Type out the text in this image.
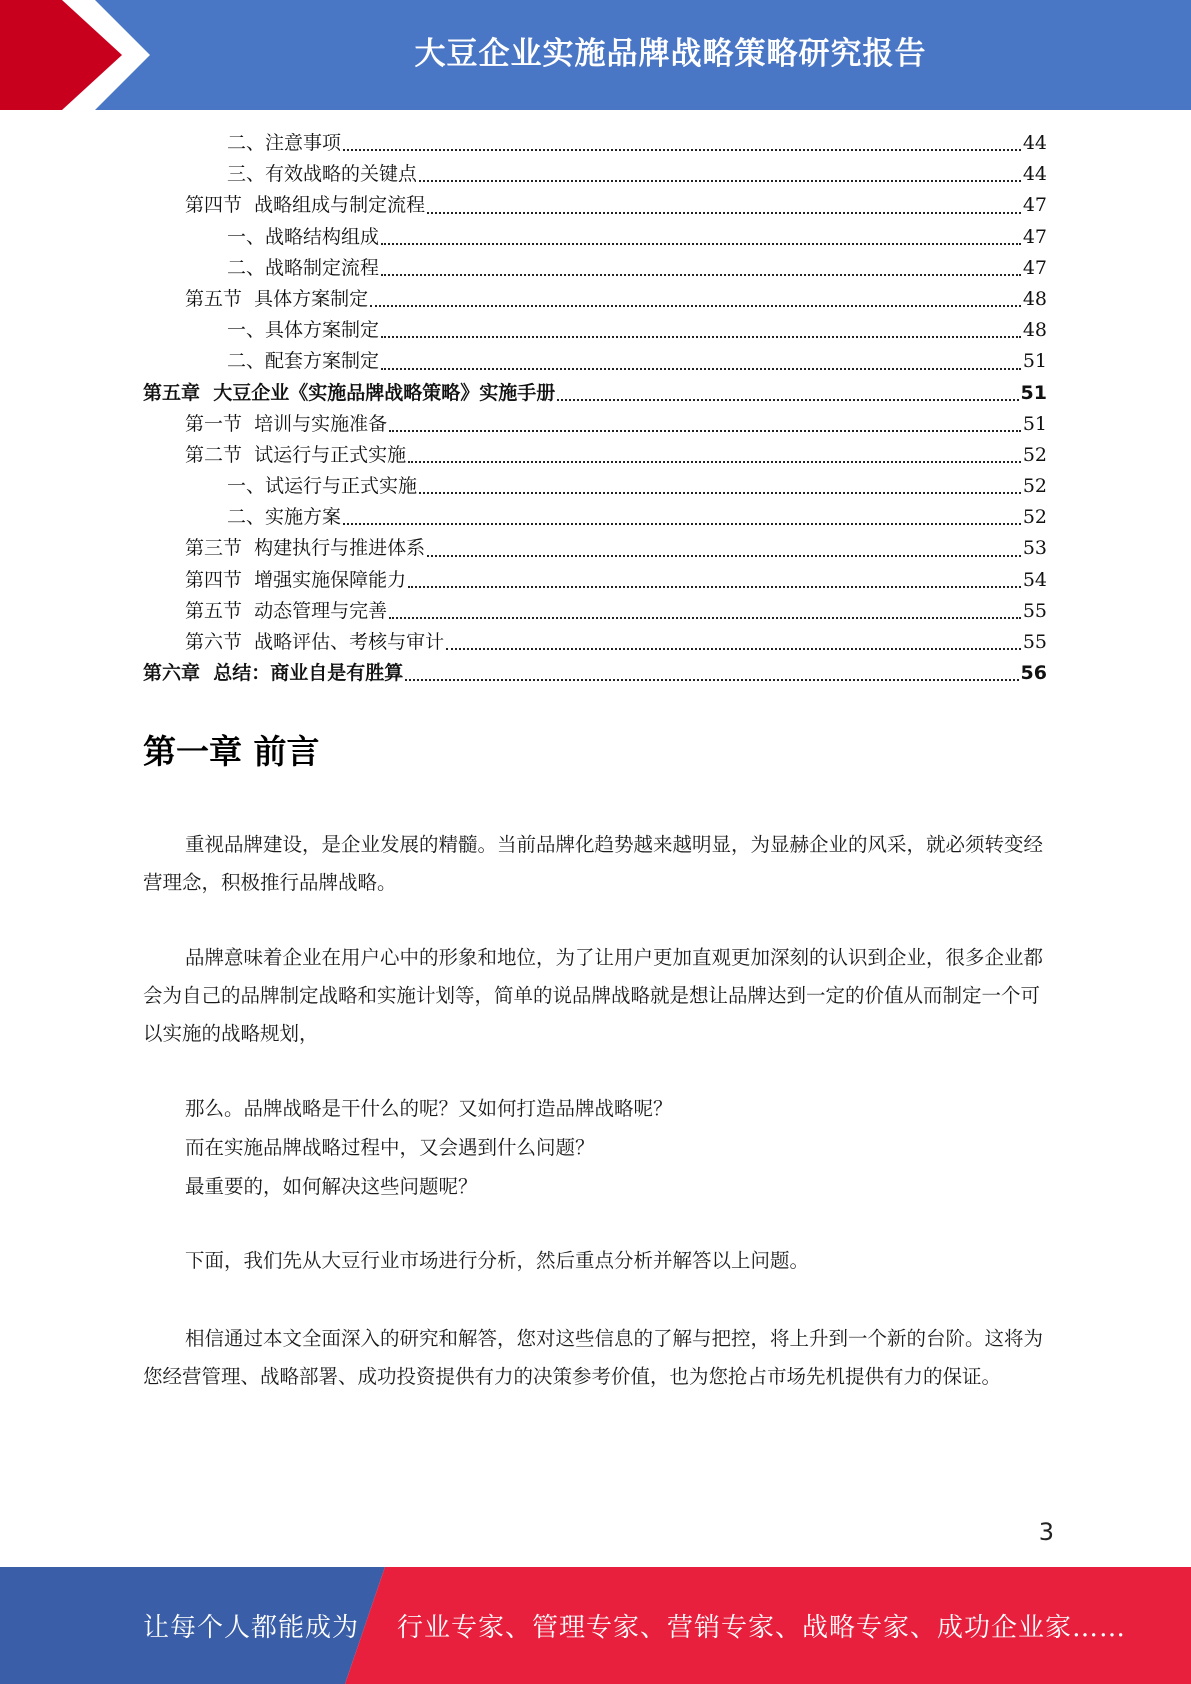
大豆企业实施品牌战略策略研究报告
二、注意事项	44
三、有效战略的关键点	44
第四节  战略组成与制定流程	47
一、战略结构组成	47
二、战略制定流程	47
第五节  具体方案制定	48
一、具体方案制定	48
二、配套方案制定	51
第五章  大豆企业《实施品牌战略策略》实施手册	51
第一节  培训与实施准备	51
第二节  试运行与正式实施	52
一、试运行与正式实施	52
二、实施方案	52
第三节  构建执行与推进体系	53
第四节  增强实施保障能力	54
第五节  动态管理与完善	55
第六节  战略评估、考核与审计	55
第六章  总结：商业自是有胜算	56
第一章 前言

重视品牌建设，是企业发展的精髓。当前品牌化趋势越来越明显，为显赫企业的风采，就必须转变经营理念，积极推行品牌战略。

品牌意味着企业在用户心中的形象和地位，为了让用户更加直观更加深刻的认识到企业，很多企业都会为自己的品牌制定战略和实施计划等，简单的说品牌战略就是想让品牌达到一定的价值从而制定一个可以实施的战略规划，

那么。品牌战略是干什么的呢？又如何打造品牌战略呢？

而在实施品牌战略过程中，又会遇到什么问题？

最重要的，如何解决这些问题呢？

下面，我们先从大豆行业市场进行分析，然后重点分析并解答以上问题。

相信通过本文全面深入的研究和解答，您对这些信息的了解与把控，将上升到一个新的台阶。这将为您经营管理、战略部署、成功投资提供有力的决策参考价值，也为您抢占市场先机提供有力的保证。

3
让每个人都能成为 行业专家、管理专家、营销专家、战略专家、成功企业家……
